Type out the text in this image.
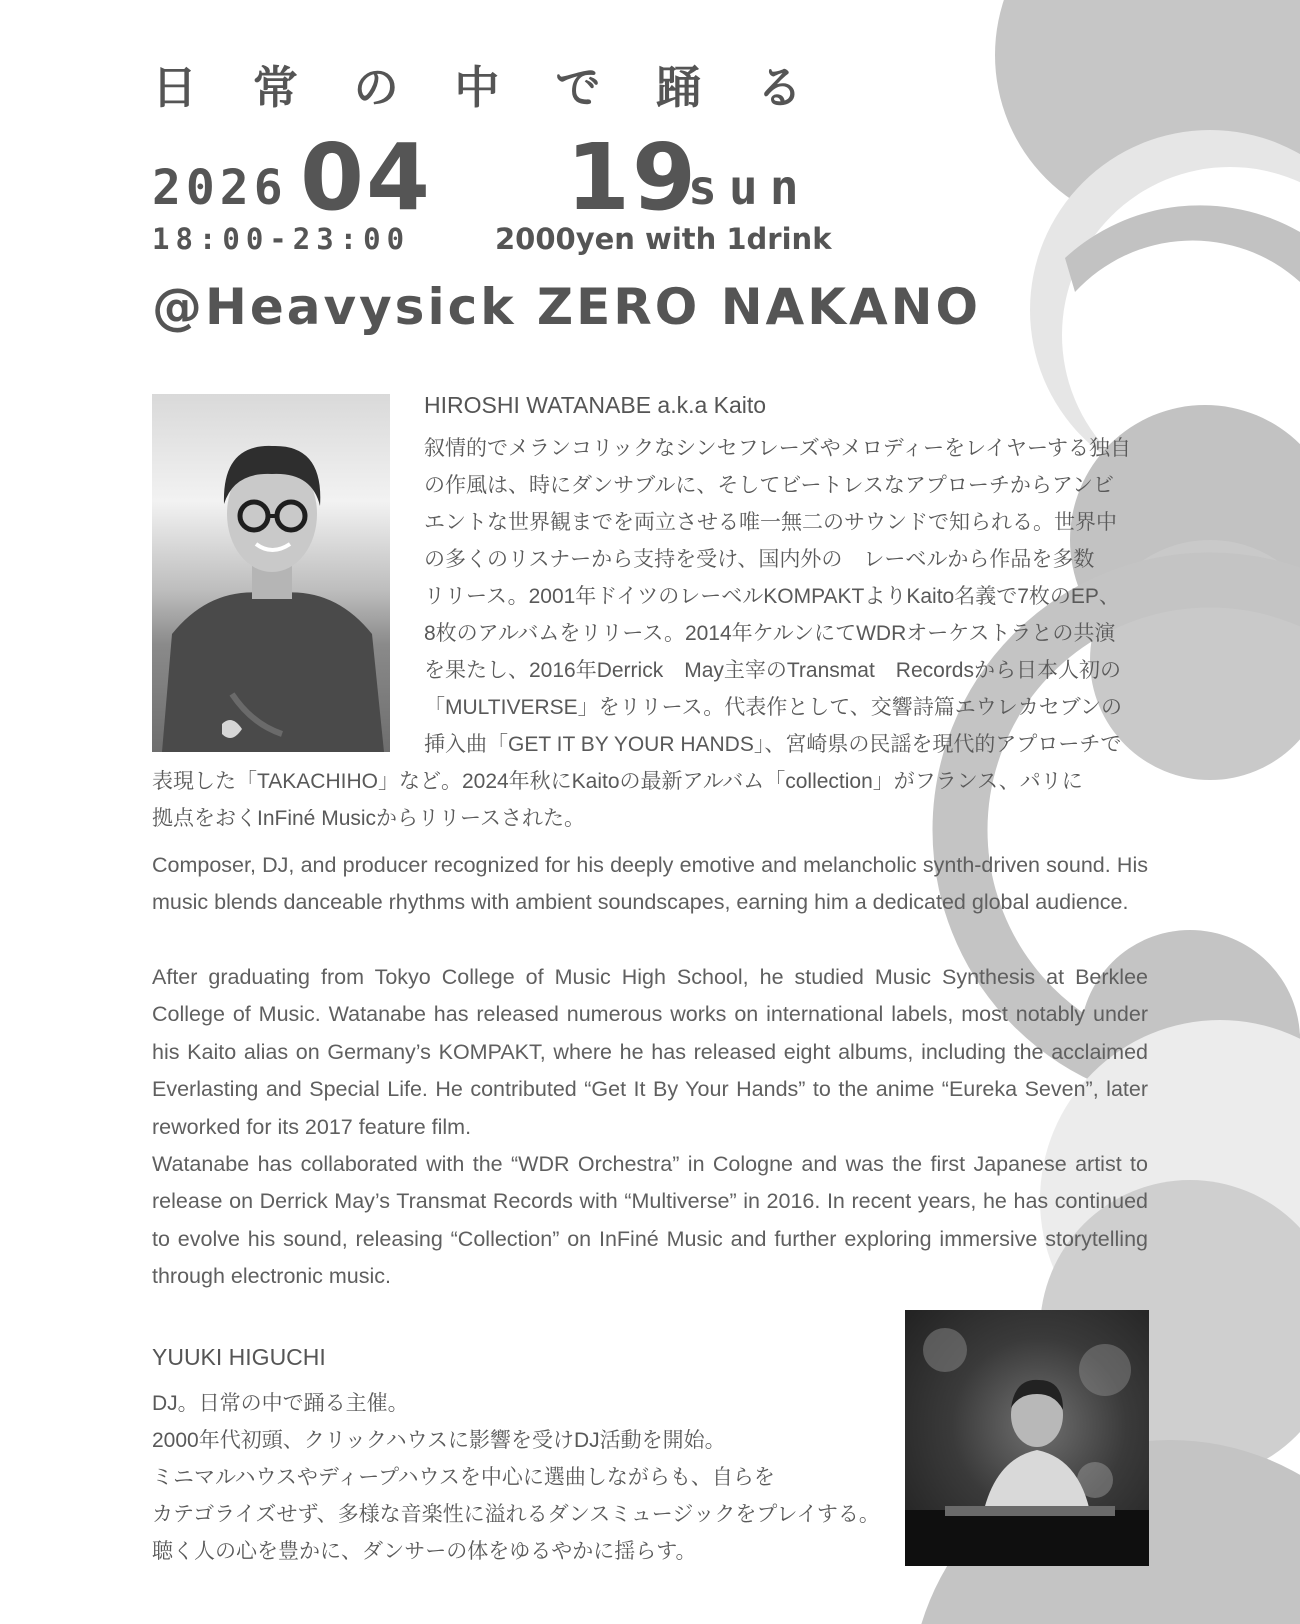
日 常 の 中 で 踊 る
2026 04 19
sun
18:00-23:00	2000yen with 1drink
@Heavysick ZERO NAKANO
HIROSHI WATANABE a.k.a Kaito
叙情的でメランコリックなシンセフレーズやメロディーをレイヤーする独自
の作風は、時にダンサブルに、そしてビートレスなアプローチからアンビ
エントな世界観までを両立させる唯一無二のサウンドで知られる。世界中
の多くのリスナーから支持を受け、国内外の　レーベルから作品を多数
リリース。2001年ドイツのレーベルKOMPAKTよりKaito名義で7枚のEP、
8枚のアルバムをリリース。2014年ケルンにてWDRオーケストラとの共演
を果たし、2016年Derrick　May主宰のTransmat　Recordsから日本人初の
「MULTIVERSE」をリリース。代表作として、交響詩篇エウレカセブンの
挿入曲「GET IT BY YOUR HANDS」、宮崎県の民謡を現代的アプローチで
表現した「TAKACHIHO」など。2024年秋にKaitoの最新アルバム「collection」がフランス、パリに
拠点をおくInFiné Musicからリリースされた。

Composer, DJ, and producer recognized for his deeply emotive and melancholic synth-driven sound. His music blends danceable rhythms with ambient soundscapes, earning him a dedicated global audience.

After graduating from Tokyo College of Music High School, he studied Music Synthesis at Berklee College of Music. Watanabe has released numerous works on international labels, most notably under his Kaito alias on Germany’s KOMPAKT, where he has released eight albums, including the acclaimed Everlasting and Special Life. He contributed “Get It By Your Hands” to the anime “Eureka Seven”, later reworked for its 2017 feature film.

Watanabe has collaborated with the “WDR Orchestra” in Cologne and was the first Japanese artist to release on Derrick May’s Transmat Records with “Multiverse” in 2016. In recent years, he has continued to evolve his sound, releasing “Collection” on InFiné Music and further exploring immersive storytelling through electronic music.

YUUKI HIGUCHI
DJ。日常の中で踊る主催。
2000年代初頭、クリックハウスに影響を受けDJ活動を開始。
ミニマルハウスやディープハウスを中心に選曲しながらも、自らを
カテゴライズせず、多様な音楽性に溢れるダンスミュージックをプレイする。
聴く人の心を豊かに、ダンサーの体をゆるやかに揺らす。
